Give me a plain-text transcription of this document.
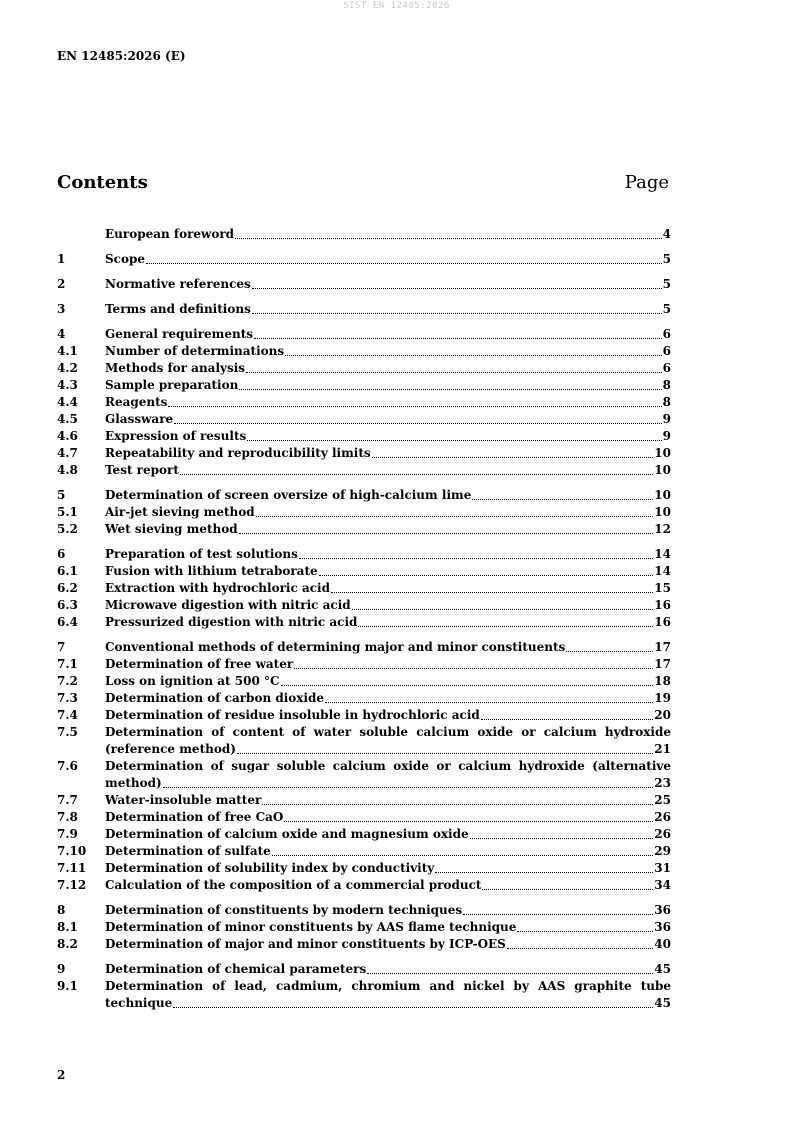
SIST EN 12485:2026
EN 12485:2026 (E)
Contents	Page
European foreword	4
1	Scope	5
2	Normative references	5
3	Terms and definitions	5
4	General requirements	6
4.1	Number of determinations	6
4.2	Methods for analysis	6
4.3	Sample preparation	8
4.4	Reagents	8
4.5	Glassware	9
4.6	Expression of results	9
4.7	Repeatability and reproducibility limits	10
4.8	Test report	10
5	Determination of screen oversize of high-calcium lime	10
5.1	Air-jet sieving method	10
5.2	Wet sieving method	12
6	Preparation of test solutions	14
6.1	Fusion with lithium tetraborate	14
6.2	Extraction with hydrochloric acid	15
6.3	Microwave digestion with nitric acid	16
6.4	Pressurized digestion with nitric acid	16
7	Conventional methods of determining major and minor constituents	17
7.1	Determination of free water	17
7.2	Loss on ignition at 500 °C	18
7.3	Determination of carbon dioxide	19
7.4	Determination of residue insoluble in hydrochloric acid	20
7.5	Determination of content of water soluble calcium oxide or calcium hydroxide
(reference method)	21
7.6	Determination of sugar soluble calcium oxide or calcium hydroxide (alternative
method)	23
7.7	Water-insoluble matter	25
7.8	Determination of free CaO	26
7.9	Determination of calcium oxide and magnesium oxide	26
7.10	Determination of sulfate	29
7.11	Determination of solubility index by conductivity	31
7.12	Calculation of the composition of a commercial product	34
8	Determination of constituents by modern techniques	36
8.1	Determination of minor constituents by AAS flame technique	36
8.2	Determination of major and minor constituents by ICP-OES	40
9	Determination of chemical parameters	45
9.1	Determination of lead, cadmium, chromium and nickel by AAS graphite tube
technique	45
2
